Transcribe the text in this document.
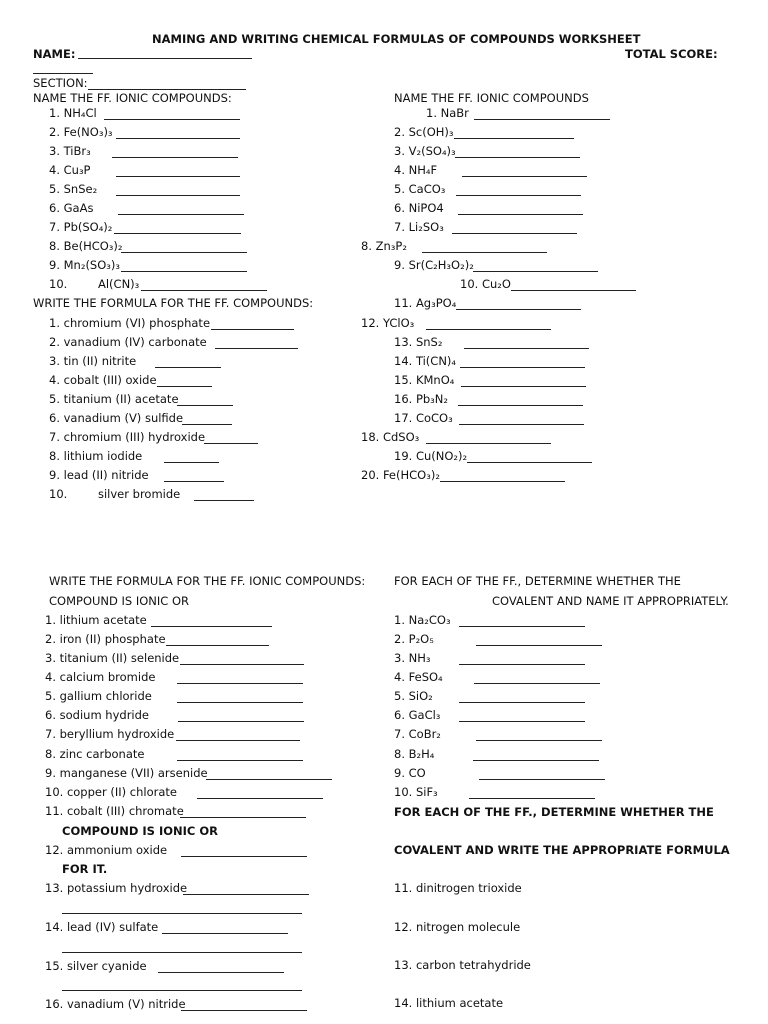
NAMING AND WRITING CHEMICAL FORMULAS OF COMPOUNDS WORKSHEET
NAME:	TOTAL SCORE:
SECTION:
NAME THE FF. IONIC COMPOUNDS:
1. NH₄Cl
2. Fe(NO₃)₃
3. TiBr₃
4. Cu₃P
5. SnSe₂
6. GaAs
7. Pb(SO₄)₂
8. Be(HCO₃)₂
9. Mn₂(SO₃)₃
10.	Al(CN)₃
WRITE THE FORMULA FOR THE FF. COMPOUNDS:
1. chromium (VI) phosphate
2. vanadium (IV) carbonate
3. tin (II) nitrite
4. cobalt (III) oxide
5. titanium (II) acetate
6. vanadium (V) sulfide
7. chromium (III) hydroxide
8. lithium iodide
9. lead (II) nitride
10.	silver bromide
NAME THE FF. IONIC COMPOUNDS
1. NaBr
2. Sc(OH)₃
3. V₂(SO₄)₃
4. NH₄F
5. CaCO₃
6. NiPO4
7. Li₂SO₃
8. Zn₃P₂
9. Sr(C₂H₃O₂)₂
10. Cu₂O
11. Ag₃PO₄
12. YClO₃
13. SnS₂
14. Ti(CN)₄
15. KMnO₄
16. Pb₃N₂
17. CoCO₃
18. CdSO₃
19. Cu(NO₂)₂
20. Fe(HCO₃)₂
WRITE THE FORMULA FOR THE FF. IONIC COMPOUNDS:
COMPOUND IS IONIC OR
1. lithium acetate
2. iron (II) phosphate
3. titanium (II) selenide
4. calcium bromide
5. gallium chloride
6. sodium hydride
7. beryllium hydroxide
8. zinc carbonate
9. manganese (VII) arsenide
10. copper (II) chlorate
11. cobalt (III) chromate
COMPOUND IS IONIC OR
12. ammonium oxide
FOR IT.
13. potassium hydroxide
14. lead (IV) sulfate
15. silver cyanide
16. vanadium (V) nitride
FOR EACH OF THE FF., DETERMINE WHETHER THE
COVALENT AND NAME IT APPROPRIATELY.
1. Na₂CO₃
2. P₂O₅
3. NH₃
4. FeSO₄
5. SiO₂
6. GaCl₃
7. CoBr₂
8. B₂H₄
9. CO
10. SiF₃
FOR EACH OF THE FF., DETERMINE WHETHER THE
COVALENT AND WRITE THE APPROPRIATE FORMULA
11. dinitrogen trioxide
12. nitrogen molecule
13. carbon tetrahydride
14. lithium acetate
